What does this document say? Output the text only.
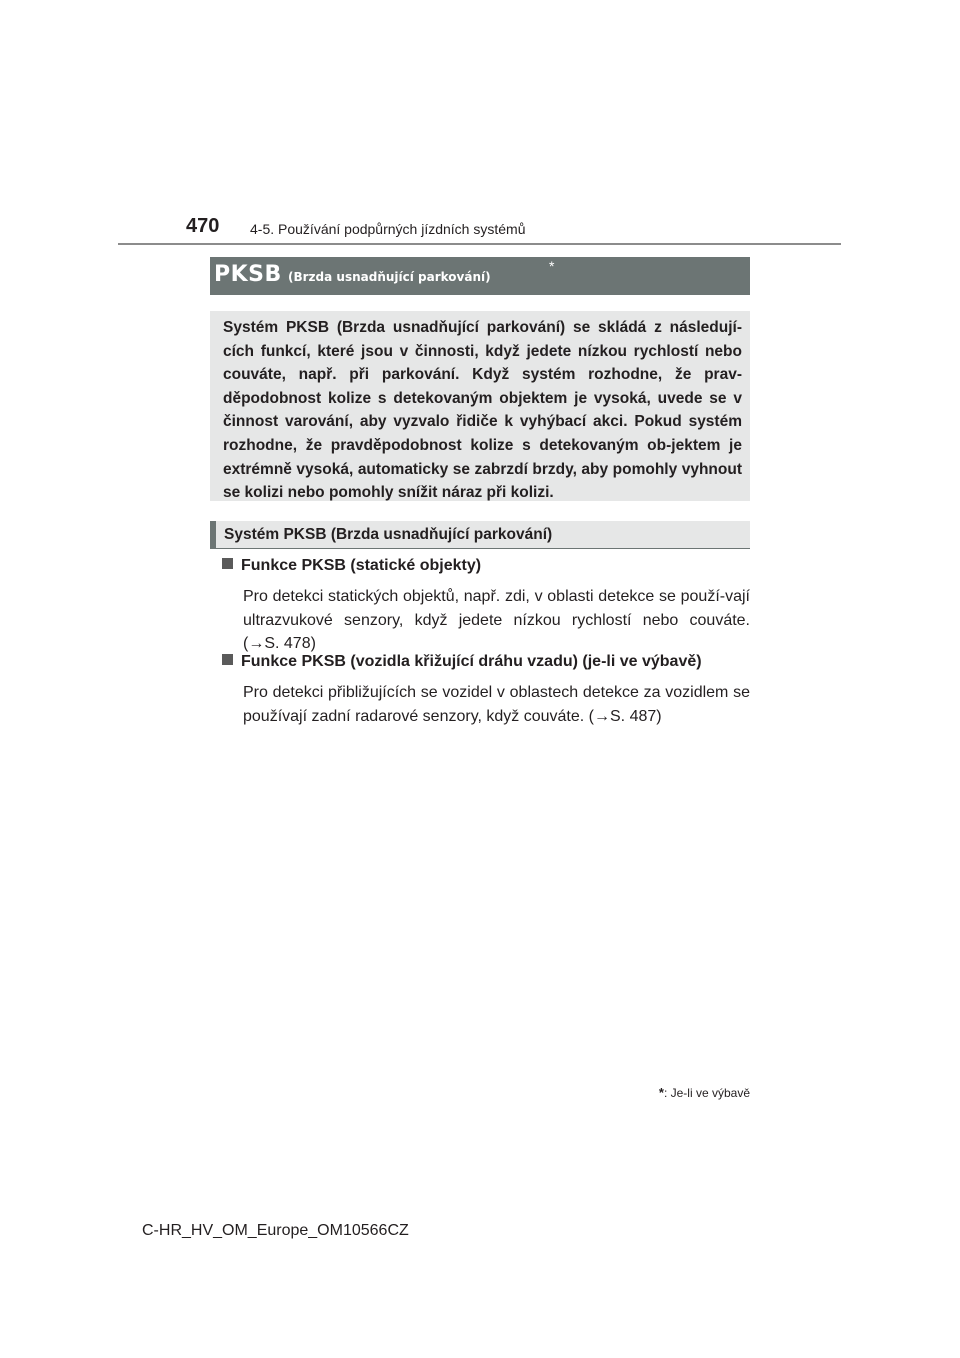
470 4-5. Používání podpůrných jízdních systémů
PKSB (Brzda usnadňující parkování)
*

Systém PKSB (Brzda usnadňující parkování) se skládá z následují-cích funkcí, které jsou v činnosti, když jedete nízkou rychlostí nebo couváte, např. při parkování. Když systém rozhodne, že prav-děpodobnost kolize s detekovaným objektem je vysoká, uvede se v činnost varování, aby vyzvalo řidiče k vyhýbací akci. Pokud systém rozhodne, že pravděpodobnost kolize s detekovaným ob-jektem je extrémně vysoká, automaticky se zabrzdí brzdy, aby pomohly vyhnout se kolizi nebo pomohly snížit náraz při kolizi.

Systém PKSB (Brzda usnadňující parkování)
Funkce PKSB (statické objekty)
Pro detekci statických objektů, např. zdi, v oblasti detekce se použí-vají ultrazvukové senzory, když jedete nízkou rychlostí nebo couváte. (→S. 478)
Funkce PKSB (vozidla křižující dráhu vzadu) (je-li ve výbavě)
Pro detekci přibližujících se vozidel v oblastech detekce za vozidlem se používají zadní radarové senzory, když couváte. (→S. 487)
*: Je-li ve výbavě
C-HR_HV_OM_Europe_OM10566CZ
